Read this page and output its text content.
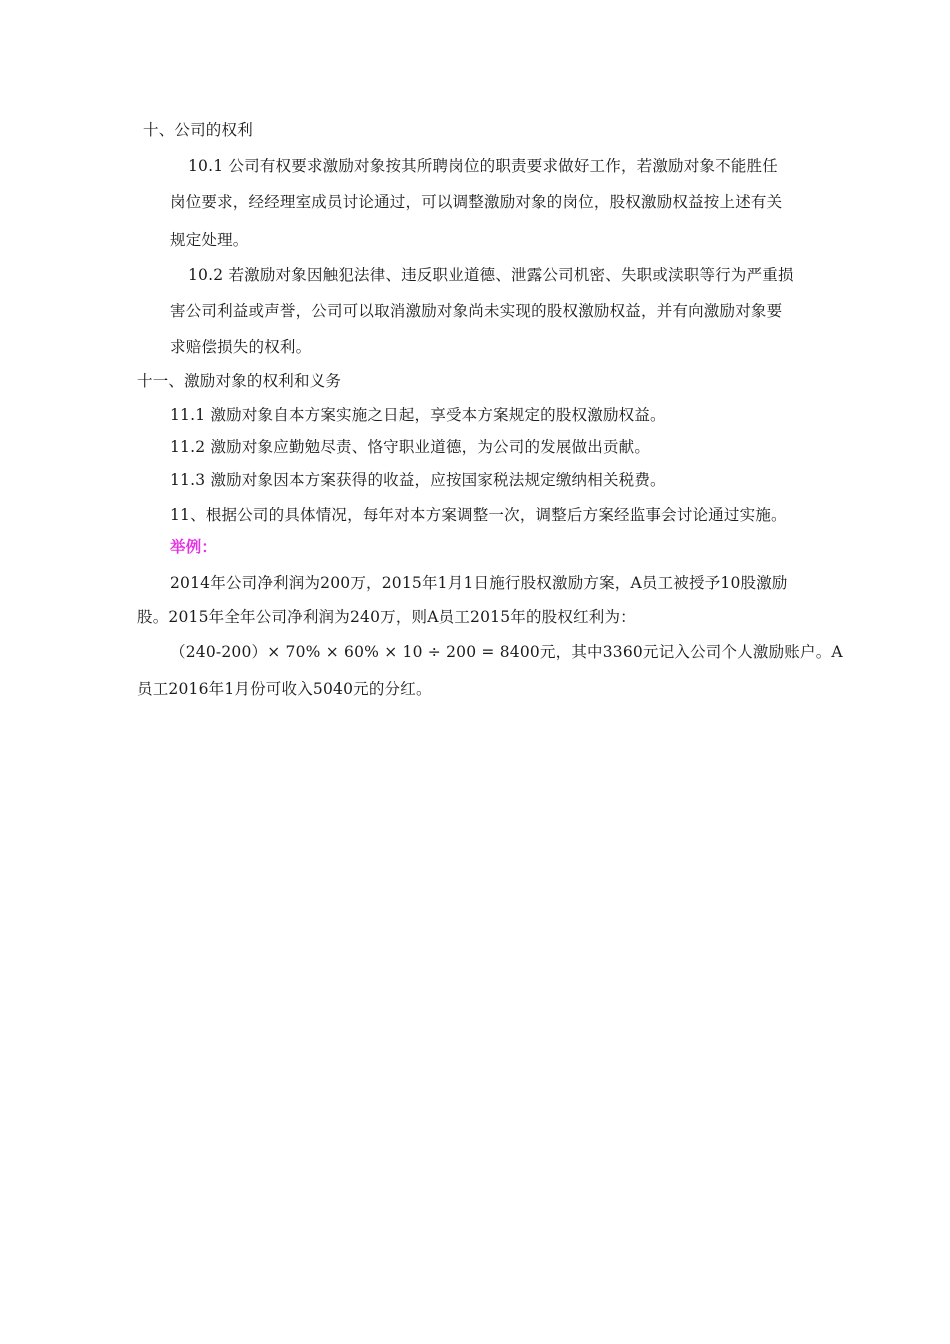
十、公司的权利
10.1 公司有权要求激励对象按其所聘岗位的职责要求做好工作，若激励对象不能胜任
岗位要求，经经理室成员讨论通过，可以调整激励对象的岗位，股权激励权益按上述有关
规定处理。
10.2 若激励对象因触犯法律、违反职业道德、泄露公司机密、失职或渎职等行为严重损
害公司利益或声誉，公司可以取消激励对象尚未实现的股权激励权益，并有向激励对象要
求赔偿损失的权利。
十一、激励对象的权利和义务
11.1 激励对象自本方案实施之日起，享受本方案规定的股权激励权益。
11.2 激励对象应勤勉尽责、恪守职业道德，为公司的发展做出贡献。
11.3 激励对象因本方案获得的收益，应按国家税法规定缴纳相关税费。
11、根据公司的具体情况，每年对本方案调整一次，调整后方案经监事会讨论通过实施。
举例：
2014年公司净利润为200万，2015年1月1日施行股权激励方案，A员工被授予10股激励
股。2015年全年公司净利润为240万，则A员工2015年的股权红利为：
（240-200）× 70% × 60% × 10 ÷ 200 = 8400元，其中3360元记入公司个人激励账户。A
员工2016年1月份可收入5040元的分红。
